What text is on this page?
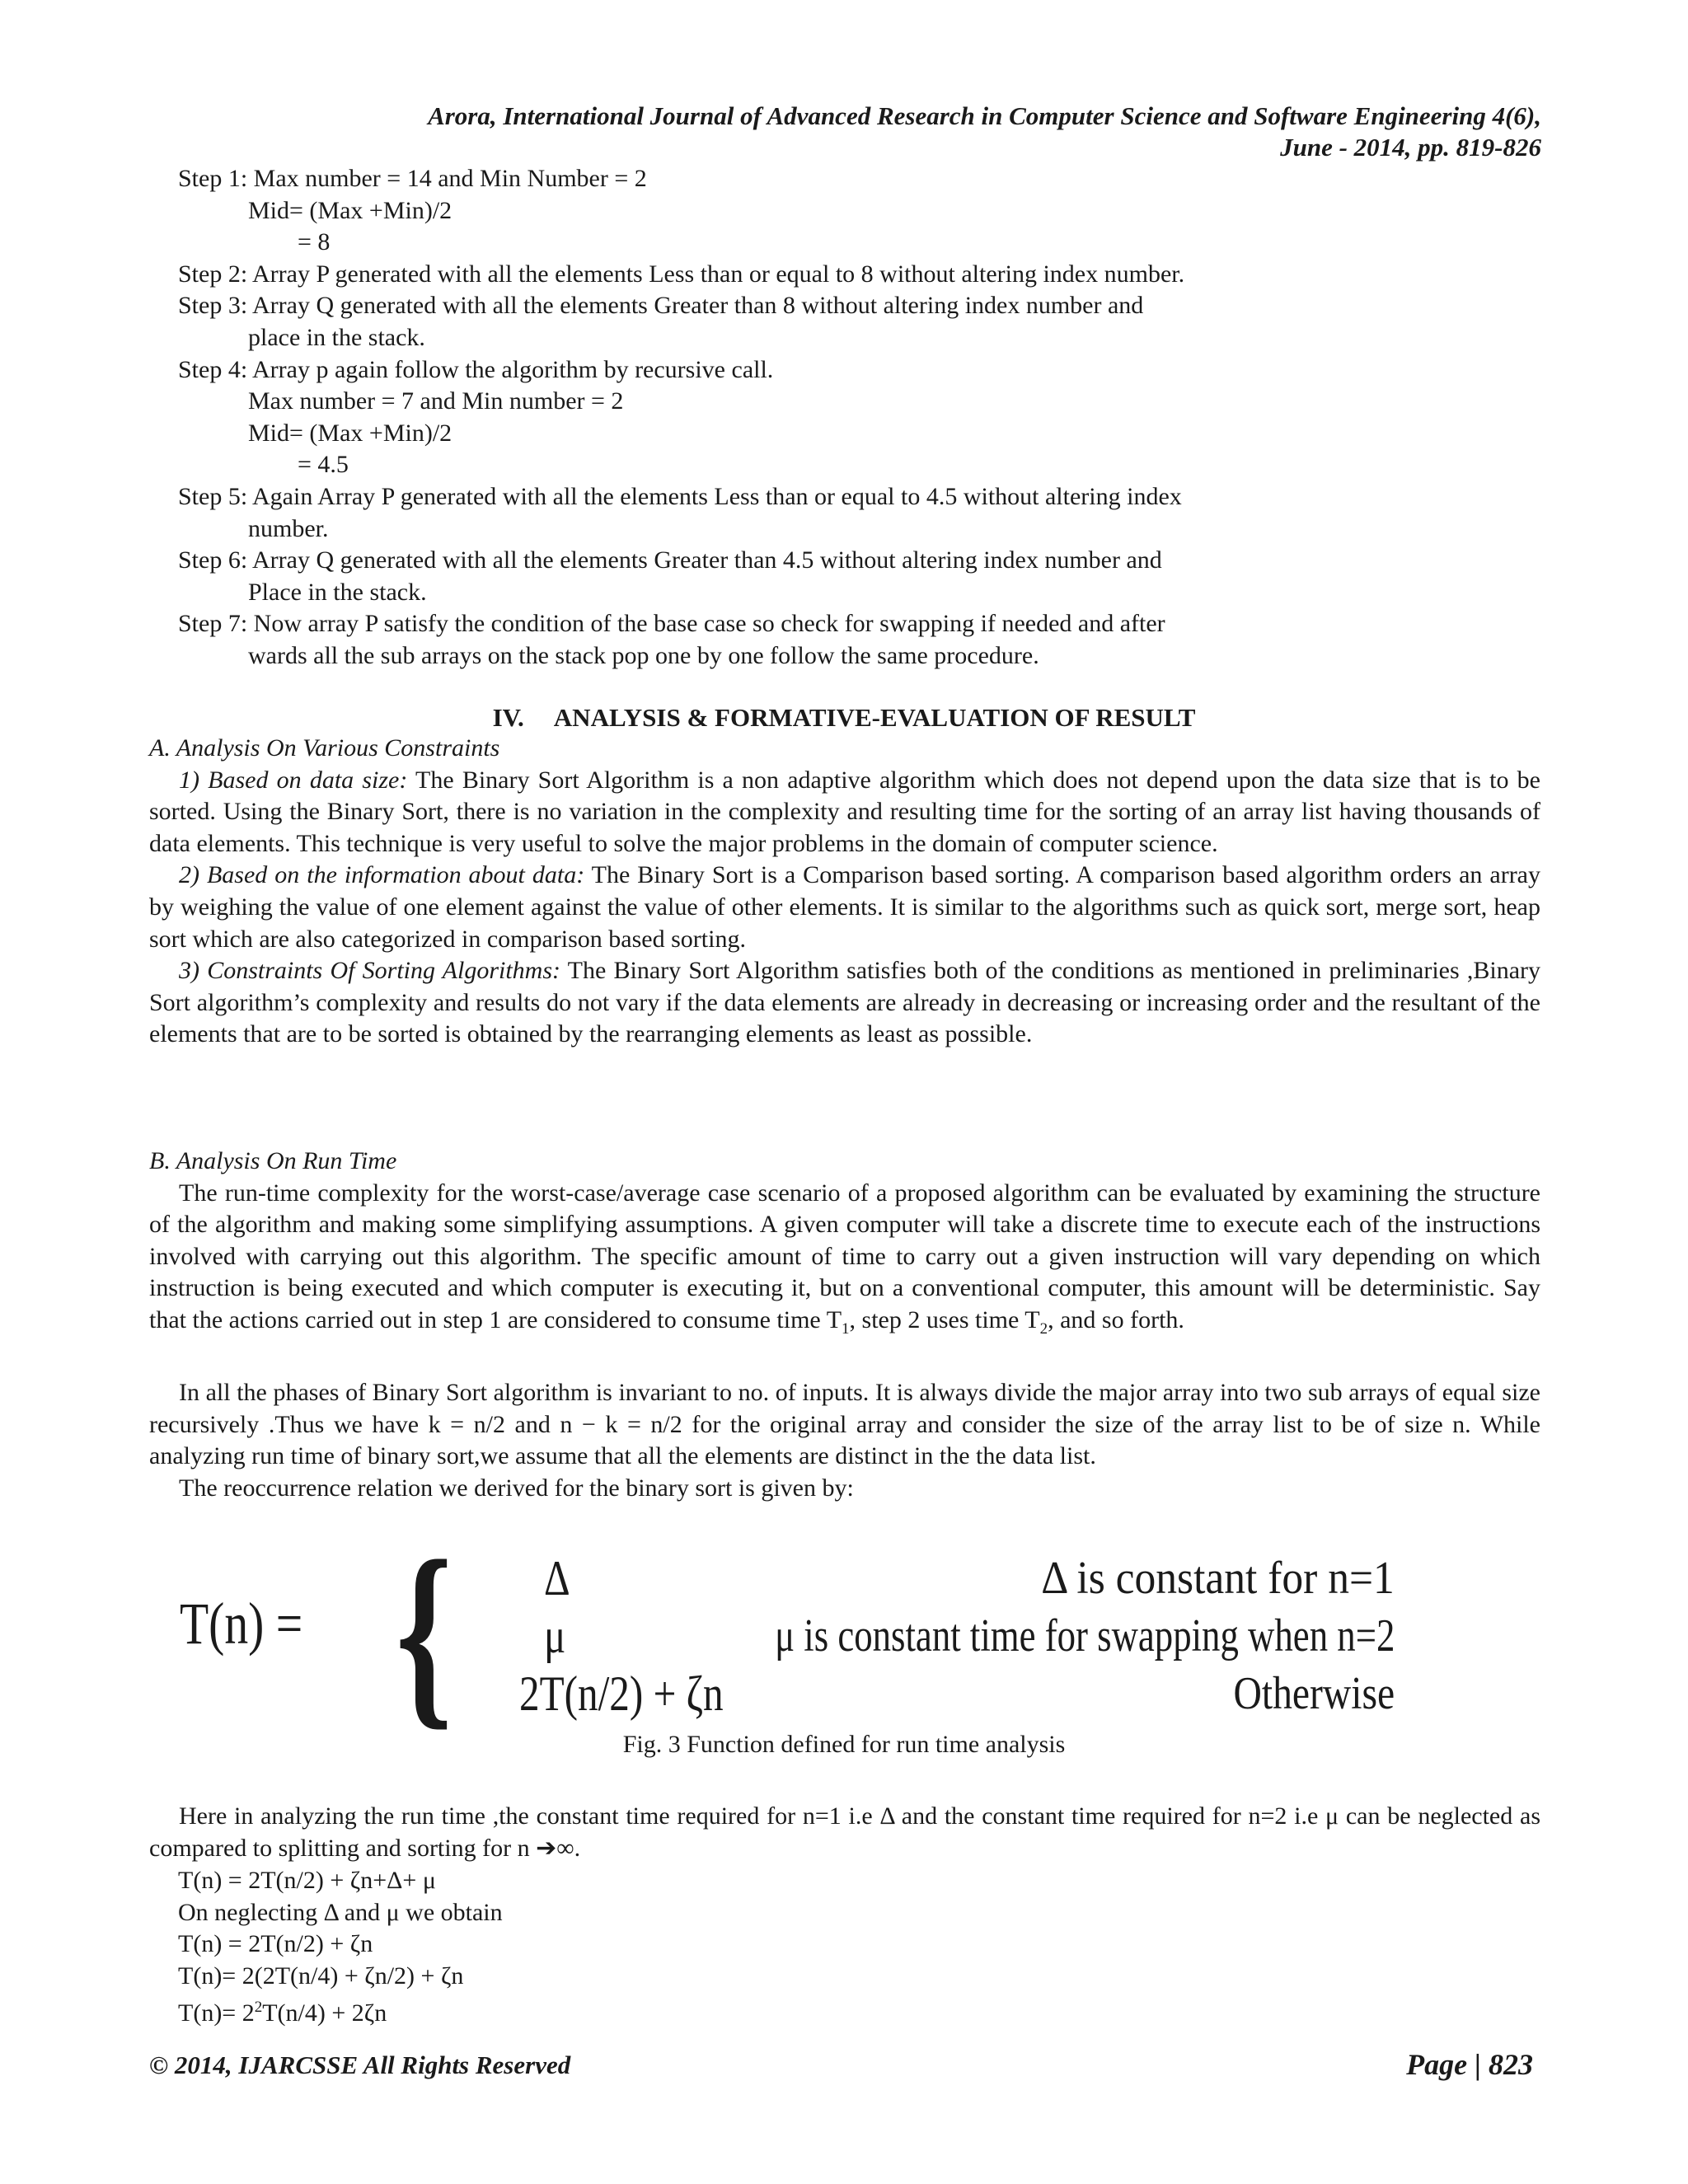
Arora, International Journal of Advanced Research in Computer Science and Software Engineering 4(6),
June - 2014, pp. 819-826
Step 1: Max number = 14 and Min Number = 2
Mid= (Max +Min)/2
= 8
Step 2: Array P generated with all the elements Less than or equal to 8 without altering index number.
Step 3: Array Q generated with all the elements Greater than 8 without altering index number and
place in the stack.
Step 4: Array p again follow the algorithm by recursive call.
Max number = 7 and Min number = 2
Mid= (Max +Min)/2
= 4.5
Step 5: Again Array P generated with all the elements Less than or equal to 4.5 without altering index
number.
Step 6: Array Q generated with all the elements Greater than 4.5 without altering index number and
Place in the stack.
Step 7: Now array P satisfy the condition of the base case so check for swapping if needed and after
wards all the sub arrays on the stack pop one by one follow the same procedure.
IV. ANALYSIS & FORMATIVE-EVALUATION OF RESULT

A. Analysis On Various Constraints

1) Based on data size: The Binary Sort Algorithm is a non adaptive algorithm which does not depend upon the data size that is to be sorted. Using the Binary Sort, there is no variation in the complexity and resulting time for the sorting of an array list having thousands of data elements. This technique is very useful to solve the major problems in the domain of computer science.

2) Based on the information about data: The Binary Sort is a Comparison based sorting. A comparison based algorithm orders an array by weighing the value of one element against the value of other elements. It is similar to the algorithms such as quick sort, merge sort, heap sort which are also categorized in comparison based sorting.

3) Constraints Of Sorting Algorithms: The Binary Sort Algorithm satisfies both of the conditions as mentioned in preliminaries ,Binary Sort algorithm’s complexity and results do not vary if the data elements are already in decreasing or increasing order and the resultant of the elements that are to be sorted is obtained by the rearranging elements as least as possible.

B. Analysis On Run Time

The run-time complexity for the worst-case/average case scenario of a proposed algorithm can be evaluated by examining the structure of the algorithm and making some simplifying assumptions. A given computer will take a discrete time to execute each of the instructions involved with carrying out this algorithm. The specific amount of time to carry out a given instruction will vary depending on which instruction is being executed and which computer is executing it, but on a conventional computer, this amount will be deterministic. Say that the actions carried out in step 1 are considered to consume time $T_1$, step 2 uses time $T_2$, and so forth.

In all the phases of Binary Sort algorithm is invariant to no. of inputs. It is always divide the major array into two sub arrays of equal size recursively .Thus we have k = n/2 and n − k = n/2 for the original array and consider the size of the array list to be of size n. While analyzing run time of binary sort,we assume that all the elements are distinct in the the data list.

The reoccurrence relation we derived for the binary sort is given by:

T(n) = { Δ
μ
2T(n/2) + ζn
Δ is constant for n=1
μ is constant time for swapping when n=2
Otherwise
Fig. 3 Function defined for run time analysis

Here in analyzing the run time ,the constant time required for n=1 i.e Δ and the constant time required for n=2 i.e μ can be neglected as compared to splitting and sorting for n ➔∞.

T(n) = 2T(n/2) + ζn+Δ+ μ
On neglecting Δ and μ we obtain
T(n) = 2T(n/2) + ζn
T(n)= 2(2T(n/4) + ζn/2) + ζn
$T(n)= 2^2T(n/4) + 2\zeta n$
© 2014, IJARCSSE All Rights Reserved	Page | 823
